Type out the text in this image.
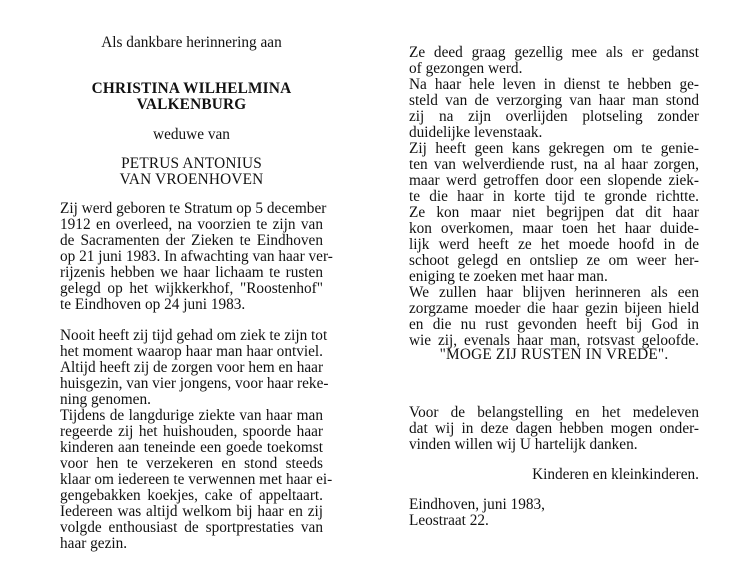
Als dankbare herinnering aan
CHRISTINA WILHELMINA
VALKENBURG
weduwe van
PETRUS ANTONIUS
VAN VROENHOVEN
Zij werd geboren te Stratum op 5 december
1912 en overleed, na voorzien te zijn van
de Sacramenten der Zieken te Eindhoven
op 21 juni 1983. In afwachting van haar ver-
rijzenis hebben we haar lichaam te rusten
gelegd op het wijkkerkhof, "Roostenhof"
te Eindhoven op 24 juni 1983.
Nooit heeft zij tijd gehad om ziek te zijn tot
het moment waarop haar man haar ontviel.
Altijd heeft zij de zorgen voor hem en haar
huisgezin, van vier jongens, voor haar reke-
ning genomen.
Tijdens de langdurige ziekte van haar man
regeerde zij het huishouden, spoorde haar
kinderen aan teneinde een goede toekomst
voor hen te verzekeren en stond steeds
klaar om iedereen te verwennen met haar ei-
gengebakken koekjes, cake of appeltaart.
Iedereen was altijd welkom bij haar en zij
volgde enthousiast de sportprestaties van
haar gezin.
Ze deed graag gezellig mee als er gedanst
of gezongen werd.
Na haar hele leven in dienst te hebben ge-
steld van de verzorging van haar man stond
zij na zijn overlijden plotseling zonder
duidelijke levenstaak.
Zij heeft geen kans gekregen om te genie-
ten van welverdiende rust, na al haar zorgen,
maar werd getroffen door een slopende ziek-
te die haar in korte tijd te gronde richtte.
Ze kon maar niet begrijpen dat dit haar
kon overkomen, maar toen het haar duide-
lijk werd heeft ze het moede hoofd in de
schoot gelegd en ontsliep ze om weer her-
eniging te zoeken met haar man.
We zullen haar blijven herinneren als een
zorgzame moeder die haar gezin bijeen hield
en die nu rust gevonden heeft bij God in
wie zij, evenals haar man, rotsvast geloofde.
"MOGE ZIJ RUSTEN IN VREDE".
Voor de belangstelling en het medeleven
dat wij in deze dagen hebben mogen onder-
vinden willen wij U hartelijk danken.
Kinderen en kleinkinderen.
Eindhoven, juni 1983,
Leostraat 22.
